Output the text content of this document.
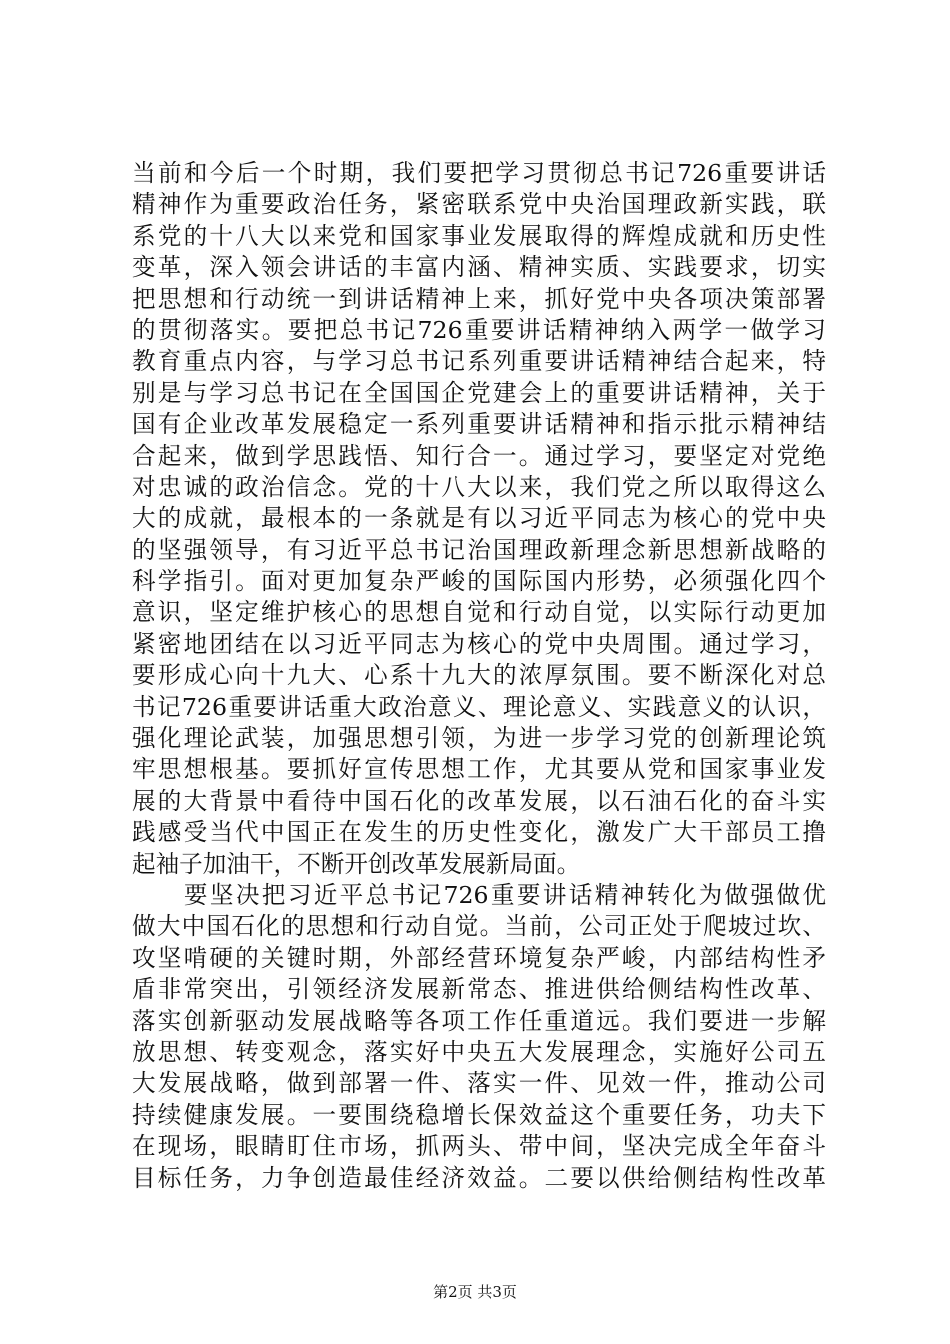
当前和今后一个时期，我们要把学习贯彻总书记726重要讲话
精神作为重要政治任务，紧密联系党中央治国理政新实践，联
系党的十八大以来党和国家事业发展取得的辉煌成就和历史性
变革，深入领会讲话的丰富内涵、精神实质、实践要求，切实
把思想和行动统一到讲话精神上来，抓好党中央各项决策部署
的贯彻落实。要把总书记726重要讲话精神纳入两学一做学习
教育重点内容，与学习总书记系列重要讲话精神结合起来，特
别是与学习总书记在全国国企党建会上的重要讲话精神，关于
国有企业改革发展稳定一系列重要讲话精神和指示批示精神结
合起来，做到学思践悟、知行合一。通过学习，要坚定对党绝
对忠诚的政治信念。党的十八大以来，我们党之所以取得这么
大的成就，最根本的一条就是有以习近平同志为核心的党中央
的坚强领导，有习近平总书记治国理政新理念新思想新战略的
科学指引。面对更加复杂严峻的国际国内形势，必须强化四个
意识，坚定维护核心的思想自觉和行动自觉，以实际行动更加
紧密地团结在以习近平同志为核心的党中央周围。通过学习，
要形成心向十九大、心系十九大的浓厚氛围。要不断深化对总
书记726重要讲话重大政治意义、理论意义、实践意义的认识，
强化理论武装，加强思想引领，为进一步学习党的创新理论筑
牢思想根基。要抓好宣传思想工作，尤其要从党和国家事业发
展的大背景中看待中国石化的改革发展，以石油石化的奋斗实
践感受当代中国正在发生的历史性变化，激发广大干部员工撸
起袖子加油干，不断开创改革发展新局面。
　　要坚决把习近平总书记726重要讲话精神转化为做强做优
做大中国石化的思想和行动自觉。当前，公司正处于爬坡过坎、
攻坚啃硬的关键时期，外部经营环境复杂严峻，内部结构性矛
盾非常突出，引领经济发展新常态、推进供给侧结构性改革、
落实创新驱动发展战略等各项工作任重道远。我们要进一步解
放思想、转变观念，落实好中央五大发展理念，实施好公司五
大发展战略，做到部署一件、落实一件、见效一件，推动公司
持续健康发展。一要围绕稳增长保效益这个重要任务，功夫下
在现场，眼睛盯住市场，抓两头、带中间，坚决完成全年奋斗
目标任务，力争创造最佳经济效益。二要以供给侧结构性改革
第2页 共3页
